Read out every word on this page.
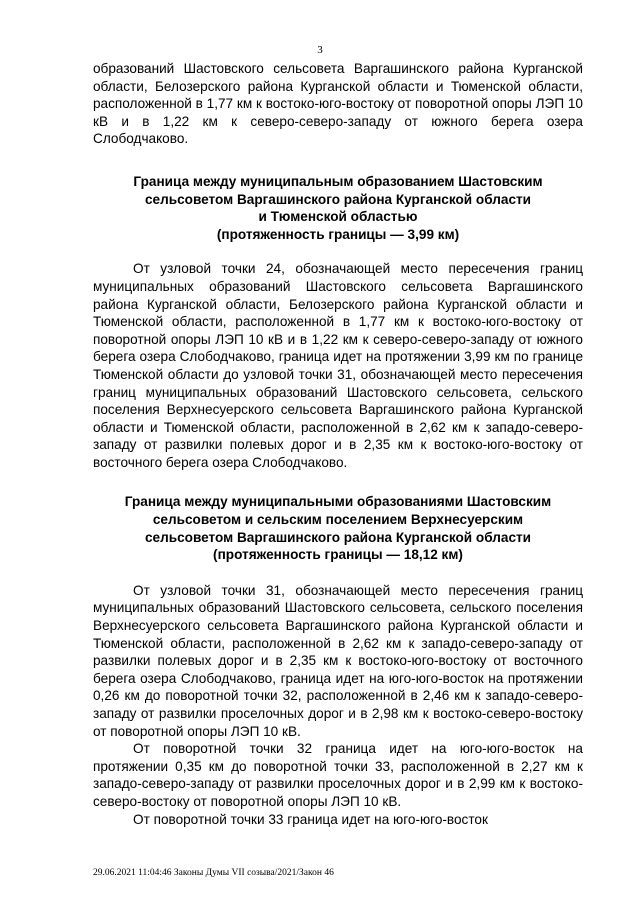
3

образований Шастовского сельсовета Варгашинского района Курганской области, Белозерского района Курганской области и Тюменской области, расположенной в 1,77 км к востоко-юго-востоку от поворотной опоры ЛЭП 10 кВ и в 1,22 км к северо-северо-западу от южного берега озера Слободчаково.

Граница между муниципальным образованием Шастовским
сельсоветом Варгашинского района Курганской области
и Тюменской областью
(протяженность границы — 3,99 км)

От узловой точки 24, обозначающей место пересечения границ муниципальных образований Шастовского сельсовета Варгашинского района Курганской области, Белозерского района Курганской области и Тюменской области, расположенной в 1,77 км к востоко-юго-востоку от поворотной опоры ЛЭП 10 кВ и в 1,22 км к северо-северо-западу от южного берега озера Слободчаково, граница идет на протяжении 3,99 км по границе Тюменской области до узловой точки 31, обозначающей место пересечения границ муниципальных образований Шастовского сельсовета, сельского поселения Верхнесуерского сельсовета Варгашинского района Курганской области и Тюменской области, расположенной в 2,62 км к западо-северо-западу от развилки полевых дорог и в 2,35 км к востоко-юго-востоку от восточного берега озера Слободчаково.

Граница между муниципальными образованиями Шастовским
сельсоветом и сельским поселением Верхнесуерским
сельсоветом Варгашинского района Курганской области
(протяженность границы — 18,12 км)

От узловой точки 31, обозначающей место пересечения границ муниципальных образований Шастовского сельсовета, сельского поселения Верхнесуерского сельсовета Варгашинского района Курганской области и Тюменской области, расположенной в 2,62 км к западо-северо-западу от развилки полевых дорог и в 2,35 км к востоко-юго-востоку от восточного берега озера Слободчаково, граница идет на юго-юго-восток на протяжении 0,26 км до поворотной точки 32, расположенной в 2,46 км к западо-северо-западу от развилки проселочных дорог и в 2,98 км к востоко-северо-востоку от поворотной опоры ЛЭП 10 кВ.

От поворотной точки 32 граница идет на юго-юго-восток на протяжении 0,35 км до поворотной точки 33, расположенной в 2,27 км к западо-северо-западу от развилки проселочных дорог и в 2,99 км к востоко-северо-востоку от поворотной опоры ЛЭП 10 кВ.

От поворотной точки 33 граница идет на юго-юго-восток

29.06.2021 11:04:46 Законы Думы VII созыва/2021/Закон 46
